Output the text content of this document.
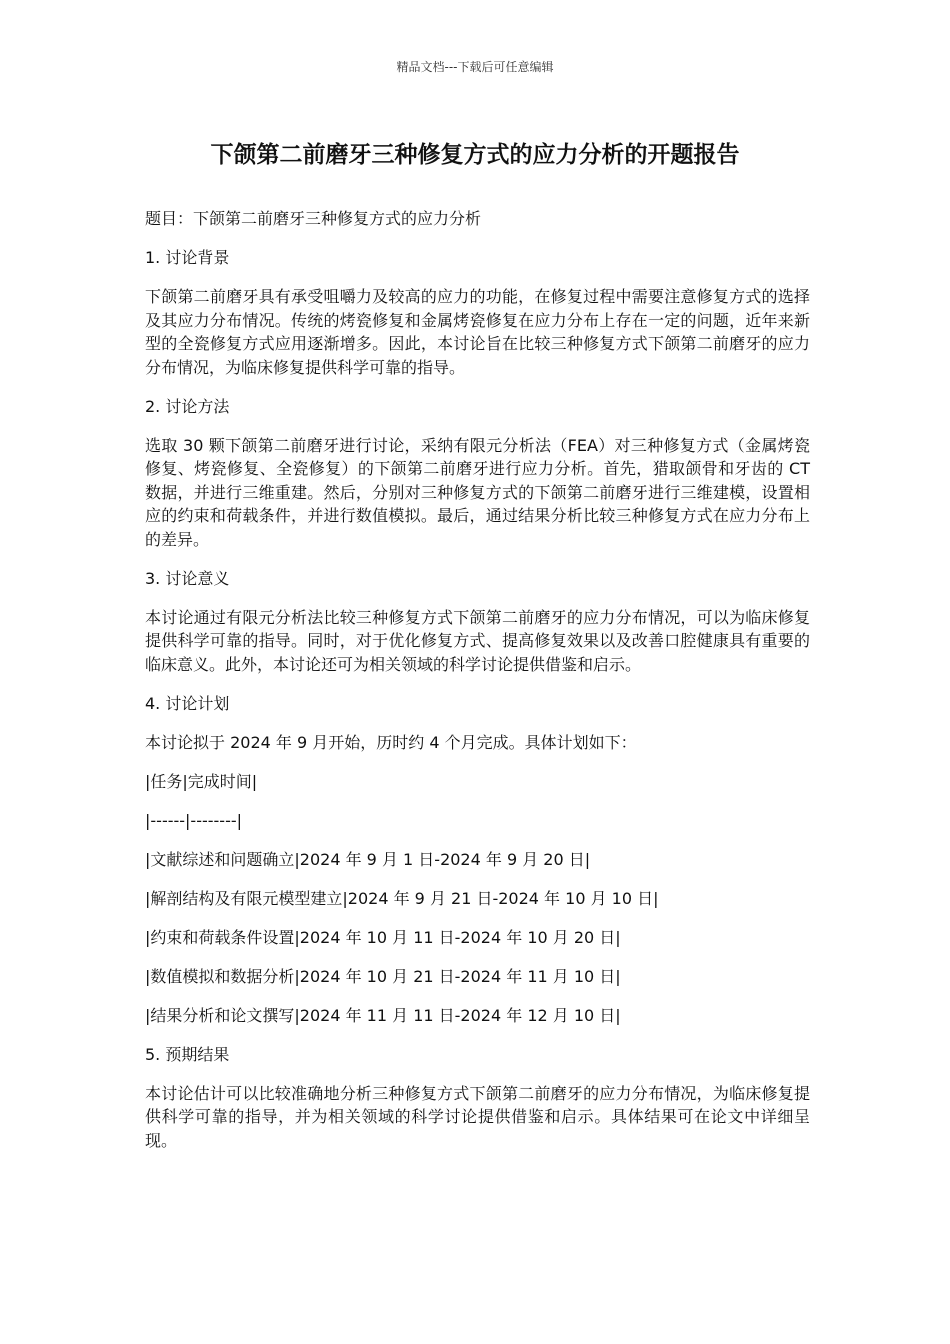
精品文档---下载后可任意编辑
下颌第二前磨牙三种修复方式的应力分析的开题报告

题目：下颌第二前磨牙三种修复方式的应力分析

1. 讨论背景

下颌第二前磨牙具有承受咀嚼力及较高的应力的功能，在修复过程中需要注意修复方式的选择及其应力分布情况。传统的烤瓷修复和金属烤瓷修复在应力分布上存在一定的问题，近年来新型的全瓷修复方式应用逐渐增多。因此，本讨论旨在比较三种修复方式下颌第二前磨牙的应力分布情况，为临床修复提供科学可靠的指导。

2. 讨论方法

选取 30 颗下颌第二前磨牙进行讨论，采纳有限元分析法（FEA）对三种修复方式（金属烤瓷修复、烤瓷修复、全瓷修复）的下颌第二前磨牙进行应力分析。首先，猎取颌骨和牙齿的 CT 数据，并进行三维重建。然后，分别对三种修复方式的下颌第二前磨牙进行三维建模，设置相应的约束和荷载条件，并进行数值模拟。最后，通过结果分析比较三种修复方式在应力分布上的差异。

3. 讨论意义

本讨论通过有限元分析法比较三种修复方式下颌第二前磨牙的应力分布情况，可以为临床修复提供科学可靠的指导。同时，对于优化修复方式、提高修复效果以及改善口腔健康具有重要的临床意义。此外，本讨论还可为相关领域的科学讨论提供借鉴和启示。

4. 讨论计划

本讨论拟于 2024 年 9 月开始，历时约 4 个月完成。具体计划如下：

|任务|完成时间|

|------|--------|

|文献综述和问题确立|2024 年 9 月 1 日-2024 年 9 月 20 日|

|解剖结构及有限元模型建立|2024 年 9 月 21 日-2024 年 10 月 10 日|

|约束和荷载条件设置|2024 年 10 月 11 日-2024 年 10 月 20 日|

|数值模拟和数据分析|2024 年 10 月 21 日-2024 年 11 月 10 日|

|结果分析和论文撰写|2024 年 11 月 11 日-2024 年 12 月 10 日|

5. 预期结果

本讨论估计可以比较准确地分析三种修复方式下颌第二前磨牙的应力分布情况，为临床修复提供科学可靠的指导，并为相关领域的科学讨论提供借鉴和启示。具体结果可在论文中详细呈现。
